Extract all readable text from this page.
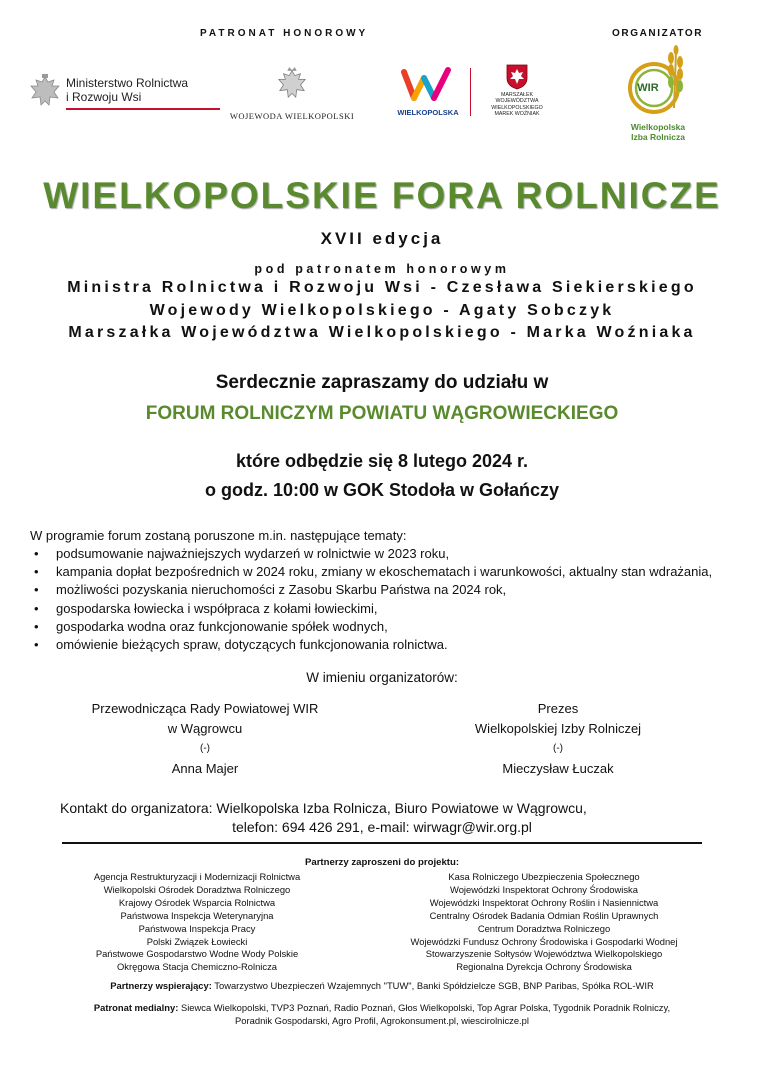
PATRONAT HONOROWY	ORGANIZATOR
Ministerstwo Rolnictwa
i Rozwoju Wsi
WOJEWODA WIELKOPOLSKI	WIELKOPOLSKA
MARSZAŁEK
WOJEWÓDZTWA
WIELKOPOLSKIEGO
MAREK WOŹNIAK
WIR
Wielkopolska
Izba Rolnicza
WIELKOPOLSKIE FORA ROLNICZE
XVII edycja
pod patronatem honorowym
Ministra Rolnictwa i Rozwoju Wsi - Czesława Siekierskiego
Wojewody Wielkopolskiego - Agaty Sobczyk
Marszałka Województwa Wielkopolskiego - Marka Woźniaka
Serdecznie zapraszamy do udziału w
FORUM ROLNICZYM POWIATU WĄGROWIECKIEGO
które odbędzie się 8 lutego 2024 r.
o godz. 10:00 w GOK Stodoła w Gołańczy
W programie forum zostaną poruszone m.in. następujące tematy:
• podsumowanie najważniejszych wydarzeń w rolnictwie w 2023 roku,
• kampania dopłat bezpośrednich w 2024 roku, zmiany w ekoschematach i warunkowości, aktualny stan wdrażania,
• możliwości pozyskania nieruchomości z Zasobu Skarbu Państwa na 2024 rok,
• gospodarska łowiecka i współpraca z kołami łowieckimi,
• gospodarka wodna oraz funkcjonowanie spółek wodnych,
• omówienie bieżących spraw, dotyczących funkcjonowania rolnictwa.
W imieniu organizatorów:
Przewodnicząca Rady Powiatowej WIR
w Wągrowcu
(-)
Anna Majer
Prezes
Wielkopolskiej Izby Rolniczej
(-)
Mieczysław Łuczak
Kontakt do organizatora: Wielkopolska Izba Rolnicza, Biuro Powiatowe w Wągrowcu,
telefon: 694 426 291, e-mail: wirwagr@wir.org.pl
Partnerzy zaproszeni do projektu:
Agencja Restrukturyzacji i Modernizacji Rolnictwa
Wielkopolski Ośrodek Doradztwa Rolniczego
Krajowy Ośrodek Wsparcia Rolnictwa
Państwowa Inspekcja Weterynaryjna
Państwowa Inspekcja Pracy
Polski Związek Łowiecki
Państwowe Gospodarstwo Wodne Wody Polskie
Okręgowa Stacja Chemiczno-Rolnicza
Kasa Rolniczego Ubezpieczenia Społecznego
Wojewódzki Inspektorat Ochrony Środowiska
Wojewódzki Inspektorat Ochrony Roślin i Nasiennictwa
Centralny Ośrodek Badania Odmian Roślin Uprawnych
Centrum Doradztwa Rolniczego
Wojewódzki Fundusz Ochrony Środowiska i Gospodarki Wodnej
Stowarzyszenie Sołtysów Województwa Wielkopolskiego
Regionalna Dyrekcja Ochrony Środowiska
Partnerzy wspierający: Towarzystwo Ubezpieczeń Wzajemnych "TUW", Banki Spółdzielcze SGB, BNP Paribas, Spółka ROL-WIR
Patronat medialny: Siewca Wielkopolski, TVP3 Poznań, Radio Poznań, Głos Wielkopolski, Top Agrar Polska, Tygodnik Poradnik Rolniczy,
Poradnik Gospodarski, Agro Profil, Agrokonsument.pl, wiescirolnicze.pl
